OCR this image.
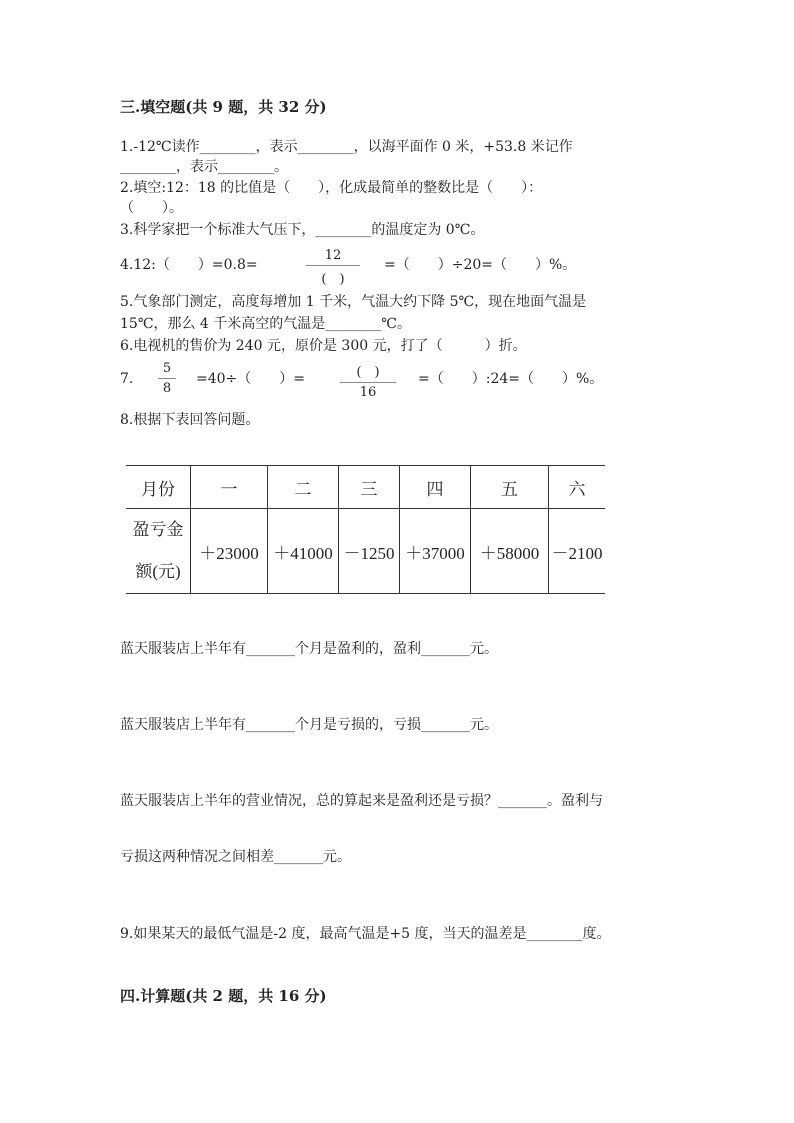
三.填空题(共 9 题，共 32 分)
1.-12℃读作________，表示________，以海平面作 0 米，+53.8 米记作
________，表示________。
2.填空:12：18 的比值是（　　），化成最简单的整数比是（　　）：
（　　）。
3.科学家把一个标准大气压下，________的温度定为 0℃。
4.12:（　　）=0.8=
12
(　)
=（　　）÷20=（　　）%。
5.气象部门测定，高度每增加 1 千米，气温大约下降 5℃，现在地面气温是
15℃，那么 4 千米高空的气温是________℃。
6.电视机的售价为 240 元，原价是 300 元，打了（　　　）折。
7.
5
8
=40÷（　　）=	(　)
16
=（　　）:24=（　　）%。
8.根据下表回答问题。
月份	一	二	三	四	五	六

盈亏金
额(元)	＋23000	＋41000	－1250	＋37000	＋58000	－2100
蓝天服装店上半年有_______个月是盈利的，盈利_______元。
蓝天服装店上半年有_______个月是亏损的，亏损_______元。
蓝天服装店上半年的营业情况，总的算起来是盈利还是亏损？_______。盈利与
亏损这两种情况之间相差_______元。
9.如果某天的最低气温是-2 度，最高气温是+5 度，当天的温差是________度。
四.计算题(共 2 题，共 16 分)
